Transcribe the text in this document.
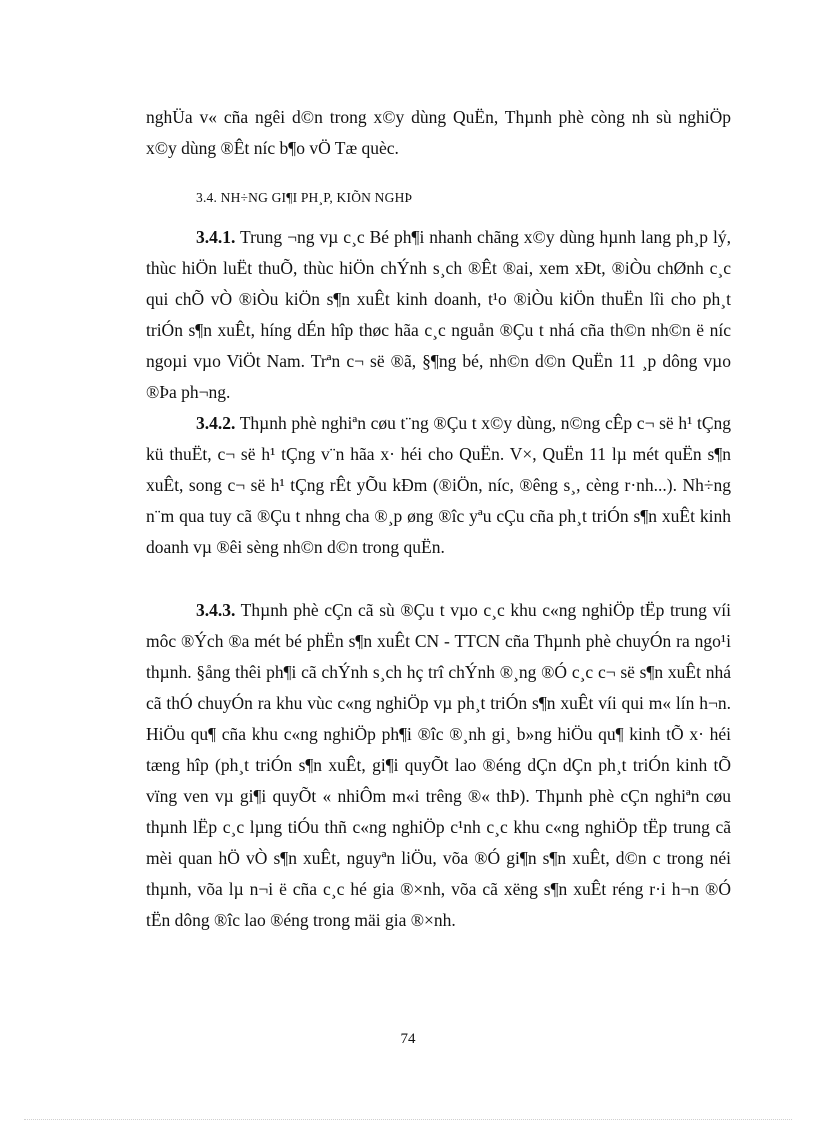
nghÜa v« cña ngêi d©n trong x©y dùng QuËn, Thµnh phè còng nh sù nghiÖp x©y dùng ®Êt níc b¶o vÖ Tæ quèc.

3.4. NH÷NG GI¶I PH¸P, KIÕN NGHÞ

3.4.1. Trung ¬ng vµ c¸c Bé ph¶i nhanh chãng x©y dùng hµnh lang ph¸p lý, thùc hiÖn luËt thuÕ, thùc hiÖn chÝnh s¸ch ®Êt ®ai, xem xÐt, ®iÒu chØnh c¸c qui chÕ vÒ ®iÒu kiÖn s¶n xuÊt kinh doanh, t¹o ®iÒu kiÖn thuËn lîi cho ph¸t triÓn s¶n xuÊt, híng dÉn hîp thøc hãa c¸c nguån ®Çu t nhá cña th©n nh©n ë níc ngoµi vµo ViÖt Nam. Trªn c¬ së ®ã, §¶ng bé, nh©n d©n QuËn 11 ¸p dông vµo ®Þa ph¬ng.

3.4.2. Thµnh phè nghiªn cøu t¨ng ®Çu t x©y dùng, n©ng cÊp c¬ së h¹ tÇng kü thuËt, c¬ së h¹ tÇng v¨n hãa x· héi cho QuËn. V×, QuËn 11 lµ mét quËn s¶n xuÊt, song c¬ së h¹ tÇng rÊt yÕu kÐm (®iÖn, níc, ®êng s¸, cèng r·nh...). Nh÷ng n¨m qua tuy cã ®Çu t nhng cha ®¸p øng ®îc yªu cÇu cña ph¸t triÓn s¶n xuÊt kinh doanh vµ ®êi sèng nh©n d©n trong quËn.

3.4.3. Thµnh phè cÇn cã sù ®Çu t vµo c¸c khu c«ng nghiÖp tËp trung víi môc ®Ých ®a mét bé phËn s¶n xuÊt CN - TTCN cña Thµnh phè chuyÓn ra ngo¹i thµnh. §ång thêi ph¶i cã chÝnh s¸ch hç trî chÝnh ®¸ng ®Ó c¸c c¬ së s¶n xuÊt nhá cã thÓ chuyÓn ra khu vùc c«ng nghiÖp vµ ph¸t triÓn s¶n xuÊt víi qui m« lín h¬n. HiÖu qu¶ cña khu c«ng nghiÖp ph¶i ®îc ®¸nh gi¸ b»ng hiÖu qu¶ kinh tÕ x· héi tæng hîp (ph¸t triÓn s¶n xuÊt, gi¶i quyÕt lao ®éng dÇn dÇn ph¸t triÓn kinh tÕ vïng ven vµ gi¶i quyÕt « nhiÔm m«i trêng ®« thÞ). Thµnh phè cÇn nghiªn cøu thµnh lËp c¸c lµng tiÓu thñ c«ng nghiÖp c¹nh c¸c khu c«ng nghiÖp tËp trung cã mèi quan hÖ vÒ s¶n xuÊt, nguyªn liÖu, võa ®Ó gi¶n s¶n xuÊt, d©n c trong néi thµnh, võa lµ n¬i ë cña c¸c hé gia ®×nh, võa cã xëng s¶n xuÊt réng r·i h¬n ®Ó tËn dông ®îc lao ®éng trong mäi gia ®×nh.

74
